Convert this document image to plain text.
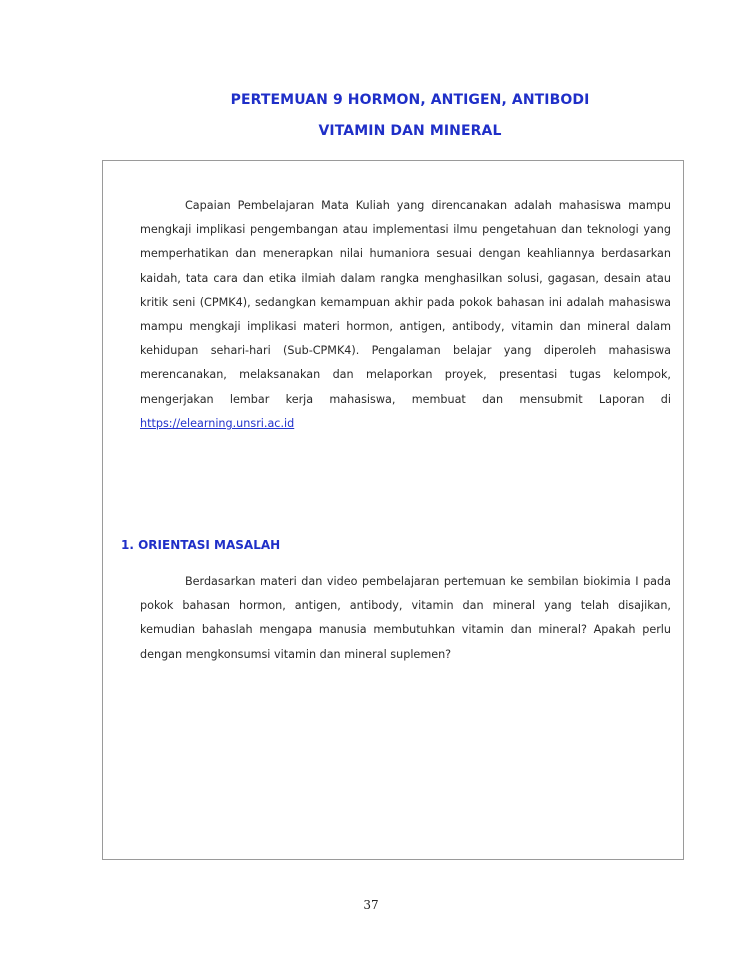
PERTEMUAN 9 HORMON, ANTIGEN, ANTIBODI
VITAMIN DAN MINERAL

Capaian Pembelajaran Mata Kuliah yang direncanakan adalah mahasiswa mampu mengkaji implikasi pengembangan atau implementasi ilmu pengetahuan dan teknologi yang memperhatikan dan menerapkan nilai humaniora sesuai dengan keahliannya berdasarkan kaidah, tata cara dan etika ilmiah dalam rangka menghasilkan solusi, gagasan, desain atau kritik seni (CPMK4), sedangkan kemampuan akhir pada pokok bahasan ini adalah mahasiswa mampu mengkaji implikasi materi hormon, antigen, antibody, vitamin dan mineral dalam kehidupan sehari-hari (Sub-CPMK4). Pengalaman belajar yang diperoleh mahasiswa merencanakan, melaksanakan dan melaporkan proyek, presentasi tugas kelompok, mengerjakan lembar kerja mahasiswa, membuat dan mensubmit Laporan di https://elearning.unsri.ac.id

1. ORIENTASI MASALAH

Berdasarkan materi dan video pembelajaran pertemuan ke sembilan biokimia I pada pokok bahasan hormon, antigen, antibody, vitamin dan mineral yang telah disajikan, kemudian bahaslah mengapa manusia membutuhkan vitamin dan mineral? Apakah perlu dengan mengkonsumsi vitamin dan mineral suplemen?

37
